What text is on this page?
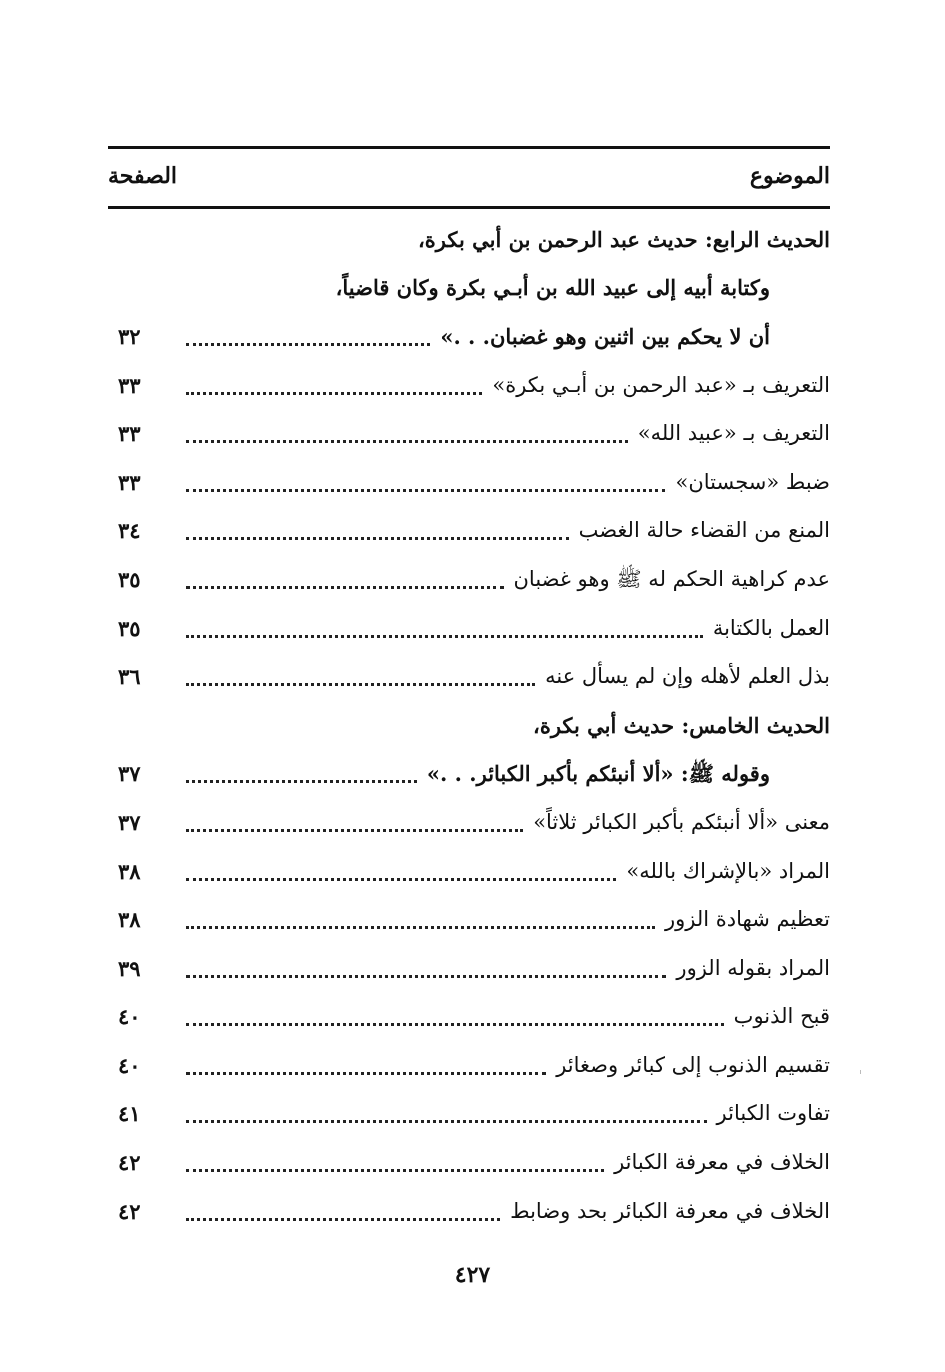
الموضوع
الصفحة
الحديث الرابع: حديث عبد الرحمن بن أبي بكرة،
وكتابة أبيه إلى عبيد الله بن أبـي بكرة وكان قاضياً،
أن لا يحكم بين اثنين وهو غضبان. . .»
٣٢
التعريف بـ «عبد الرحمن بن أبـي بكرة»
٣٣
التعريف بـ «عبيد الله»
٣٣
ضبط «سجستان»
٣٣
المنع من القضاء حالة الغضب
٣٤
عدم كراهية الحكم له ﷺ وهو غضبان
٣٥
العمل بالكتابة
٣٥
بذل العلم لأهله وإن لم يسأل عنه
٣٦
الحديث الخامس: حديث أبي بكرة،
وقوله ﷺ: «ألا أنبئكم بأكبر الكبائر. . .»
٣٧
معنى «ألا أنبئكم بأكبر الكبائر ثلاثاً»
٣٧
المراد «بالإشراك بالله»
٣٨
تعظيم شهادة الزور
٣٨
المراد بقوله الزور
٣٩
قبح الذنوب
٤٠
تقسيم الذنوب إلى كبائر وصغائر
٤٠
تفاوت الكبائر
٤١
الخلاف في معرفة الكبائر
٤٢
الخلاف في معرفة الكبائر بحد وضابط
٤٢
٤٢٧
